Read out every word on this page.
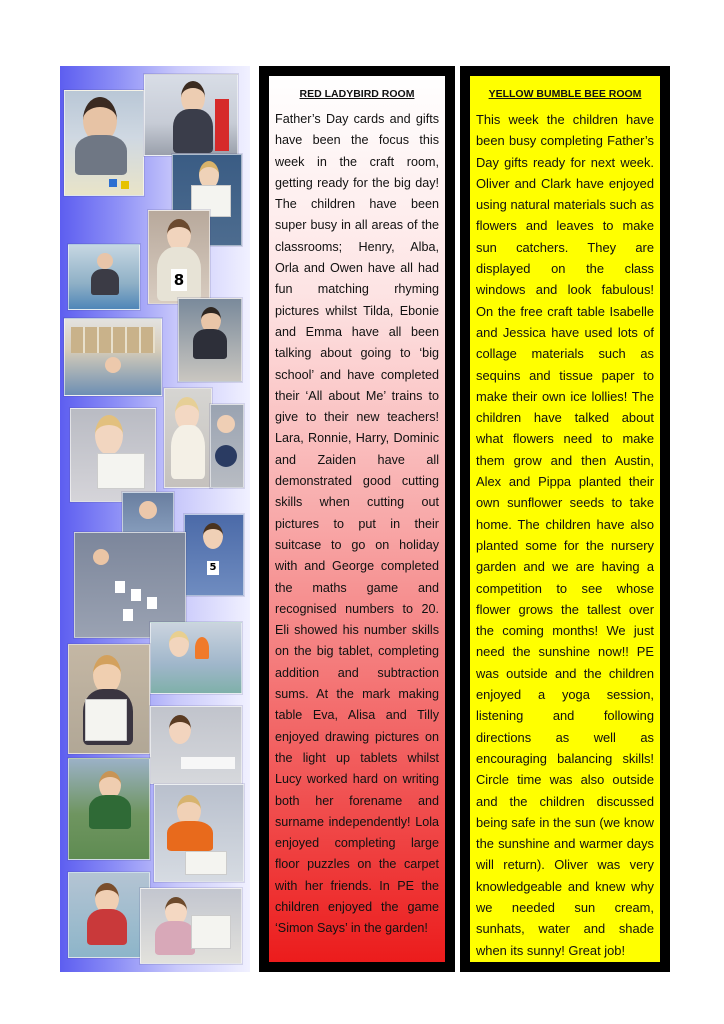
8
5
RED LADYBIRD ROOM

Father’s Day cards and gifts have been the focus this week in the craft room, getting ready for the big day! The children have been super busy in all areas of the classrooms; Henry, Alba, Orla and Owen have all had fun matching rhyming pictures whilst Tilda, Ebonie and Emma have all been talking about going to ‘big school’ and have completed their ‘All about Me’ trains to give to their new teachers! Lara, Ronnie, Harry, Dominic and Zaiden have all demonstrated good cutting skills when cutting out pictures to put in their suitcase to go on holiday with and George completed the maths game and recognised numbers to 20. Eli showed his number skills on the big tablet, completing addition and subtraction sums. At the mark making table Eva, Alisa and Tilly enjoyed drawing pictures on the light up tablets whilst Lucy worked hard on writing both her forename and surname independently! Lola enjoyed completing large floor puzzles on the carpet with her friends. In PE the children enjoyed the game ‘Simon Says’ in the garden!

YELLOW BUMBLE BEE ROOM

This week the children have been busy completing Father’s Day gifts ready for next week. Oliver and Clark have enjoyed using natural materials such as flowers and leaves to make sun catchers. They are displayed on the class windows and look fabulous! On the free craft table Isabelle and Jessica have used lots of collage materials such as sequins and tissue paper to make their own ice lollies! The children have talked about what flowers need to make them grow and then Austin, Alex and Pippa planted their own sunflower seeds to take home. The children have also planted some for the nursery garden and we are having a competition to see whose flower grows the tallest over the coming months! We just need the sunshine now!! PE was outside and the children enjoyed a yoga session, listening and following directions as well as encouraging balancing skills! Circle time was also outside and the children discussed being safe in the sun (we know the sunshine and warmer days will return). Oliver was very knowledgeable and knew why we needed sun cream, sunhats, water and shade when its sunny! Great job!
